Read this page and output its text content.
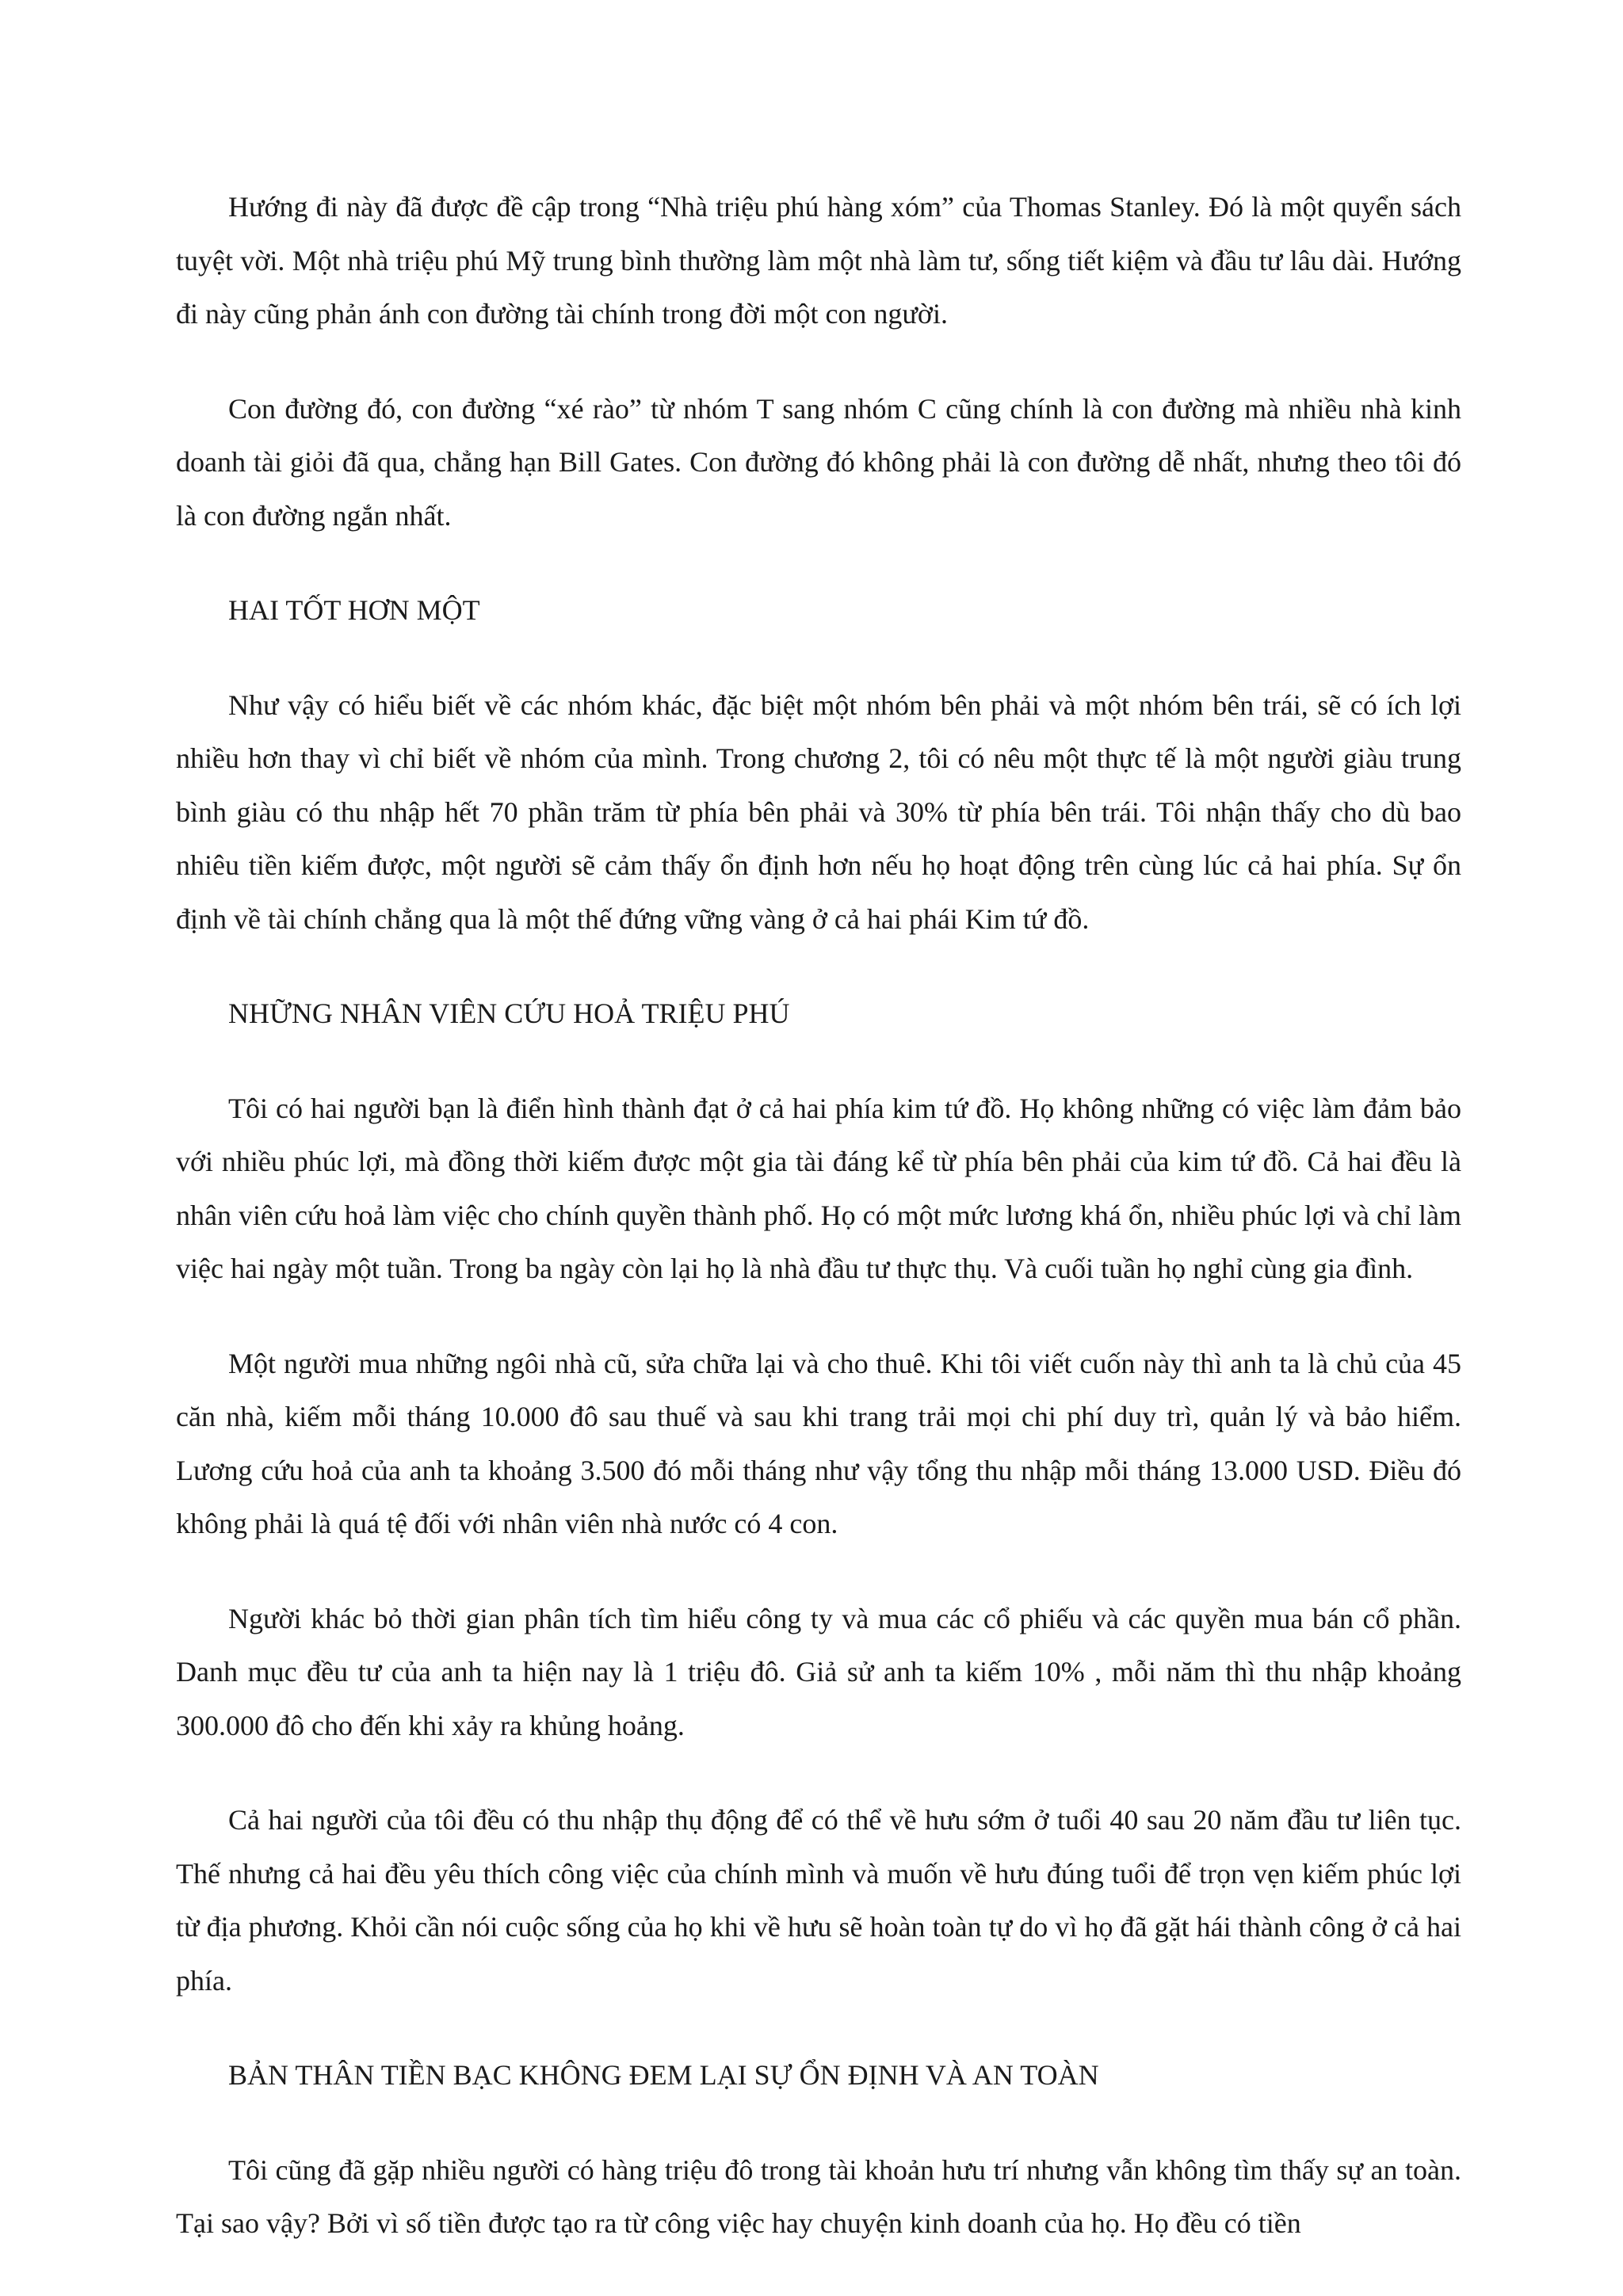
Hướng đi này đã được đề cập trong “Nhà triệu phú hàng xóm” của Thomas Stanley. Đó là một quyển sách tuyệt vời. Một nhà triệu phú Mỹ trung bình thường làm một nhà làm tư, sống tiết kiệm và đầu tư lâu dài. Hướng đi này cũng phản ánh con đường tài chính trong đời một con người.

Con đường đó, con đường “xé rào” từ nhóm T sang nhóm C cũng chính là con đường mà nhiều nhà kinh doanh tài giỏi đã qua, chẳng hạn Bill Gates. Con đường đó không phải là con đường dễ nhất, nhưng theo tôi đó là con đường ngắn nhất.

HAI TỐT HƠN MỘT

Như vậy có hiểu biết về các nhóm khác, đặc biệt một nhóm bên phải và một nhóm bên trái, sẽ có ích lợi nhiều hơn thay vì chỉ biết về nhóm của mình. Trong chương 2, tôi có nêu một thực tế là một người giàu trung bình giàu có thu nhập hết 70 phần trăm từ phía bên phải và 30% từ phía bên trái. Tôi nhận thấy cho dù bao nhiêu tiền kiếm được, một người sẽ cảm thấy ổn định hơn nếu họ hoạt động trên cùng lúc cả hai phía. Sự ổn định về tài chính chẳng qua là một thế đứng vững vàng ở cả hai phái Kim tứ đồ.

NHỮNG NHÂN VIÊN CỨU HOẢ TRIỆU PHÚ

Tôi có hai người bạn là điển hình thành đạt ở cả hai phía kim tứ đồ. Họ không những có việc làm đảm bảo với nhiều phúc lợi, mà đồng thời kiếm được một gia tài đáng kể từ phía bên phải của kim tứ đồ. Cả hai đều là nhân viên cứu hoả làm việc cho chính quyền thành phố. Họ có một mức lương khá ổn, nhiều phúc lợi và chỉ làm việc hai ngày một tuần. Trong ba ngày còn lại họ là nhà đầu tư thực thụ. Và cuối tuần họ nghỉ cùng gia đình.

Một người mua những ngôi nhà cũ, sửa chữa lại và cho thuê. Khi tôi viết cuốn này thì anh ta là chủ của 45 căn nhà, kiếm mỗi tháng 10.000 đô sau thuế và sau khi trang trải mọi chi phí duy trì, quản lý và bảo hiểm. Lương cứu hoả của anh ta khoảng 3.500 đó mỗi tháng như vậy tổng thu nhập mỗi tháng 13.000 USD. Điều đó không phải là quá tệ đối với nhân viên nhà nước có 4 con.

Người khác bỏ thời gian phân tích tìm hiểu công ty và mua các cổ phiếu và các quyền mua bán cổ phần. Danh mục đều tư của anh ta hiện nay là 1 triệu đô. Giả sử anh ta kiếm 10% , mỗi năm thì thu nhập khoảng 300.000 đô cho đến khi xảy ra khủng hoảng.

Cả hai người của tôi đều có thu nhập thụ động để có thể về hưu sớm ở tuổi 40 sau 20 năm đầu tư liên tục. Thế nhưng cả hai đều yêu thích công việc của chính mình và muốn về hưu đúng tuổi để trọn vẹn kiếm phúc lợi từ địa phương. Khỏi cần nói cuộc sống của họ khi về hưu sẽ hoàn toàn tự do vì họ đã gặt hái thành công ở cả hai phía.

BẢN THÂN TIỀN BẠC KHÔNG ĐEM LẠI SỰ ỔN ĐỊNH VÀ AN TOÀN

Tôi cũng đã gặp nhiều người có hàng triệu đô trong tài khoản hưu trí nhưng vẫn không tìm thấy sự an toàn. Tại sao vậy? Bởi vì số tiền được tạo ra từ công việc hay chuyện kinh doanh của họ. Họ đều có tiền
